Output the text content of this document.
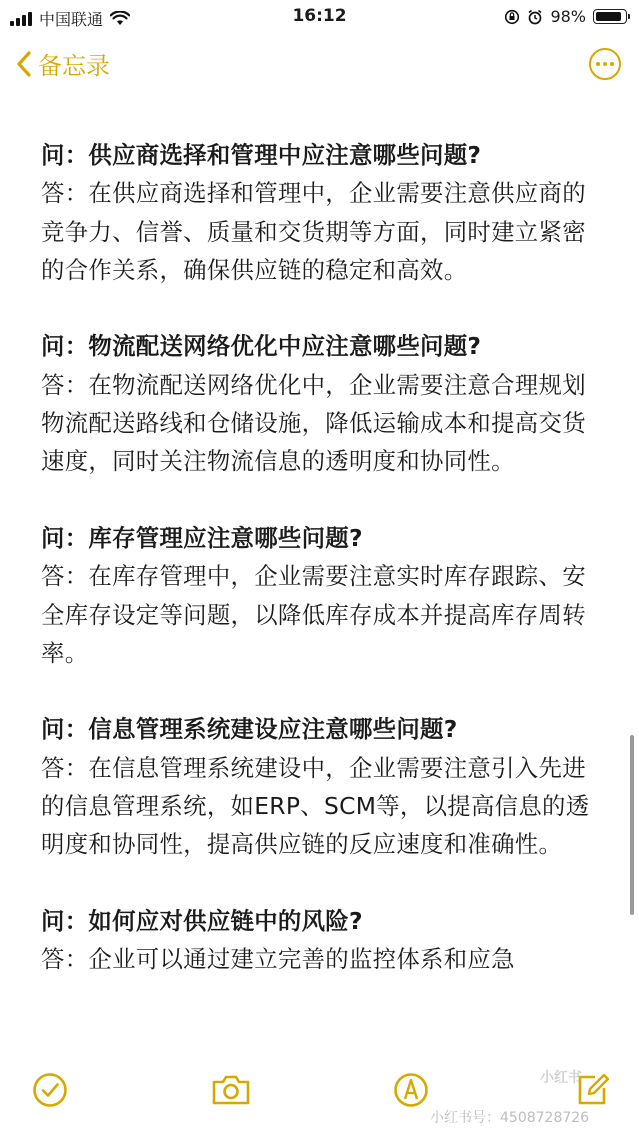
中国联通	16:12	98%
备忘录
问：供应商选择和管理中应注意哪些问题?
答：在供应商选择和管理中，企业需要注意供应商的竞争力、信誉、质量和交货期等方面，同时建立紧密的合作关系，确保供应链的稳定和高效。
问：物流配送网络优化中应注意哪些问题?
答：在物流配送网络优化中，企业需要注意合理规划物流配送路线和仓储设施，降低运输成本和提高交货速度，同时关注物流信息的透明度和协同性。
问：库存管理应注意哪些问题?
答：在库存管理中，企业需要注意实时库存跟踪、安全库存设定等问题，以降低库存成本并提高库存周转率。
问：信息管理系统建设应注意哪些问题?
答：在信息管理系统建设中，企业需要注意引入先进的信息管理系统，如ERP、SCM等，以提高信息的透明度和协同性，提高供应链的反应速度和准确性。
问：如何应对供应链中的风险?
答：企业可以通过建立完善的监控体系和应急
小红书
小红书号：4508728726
